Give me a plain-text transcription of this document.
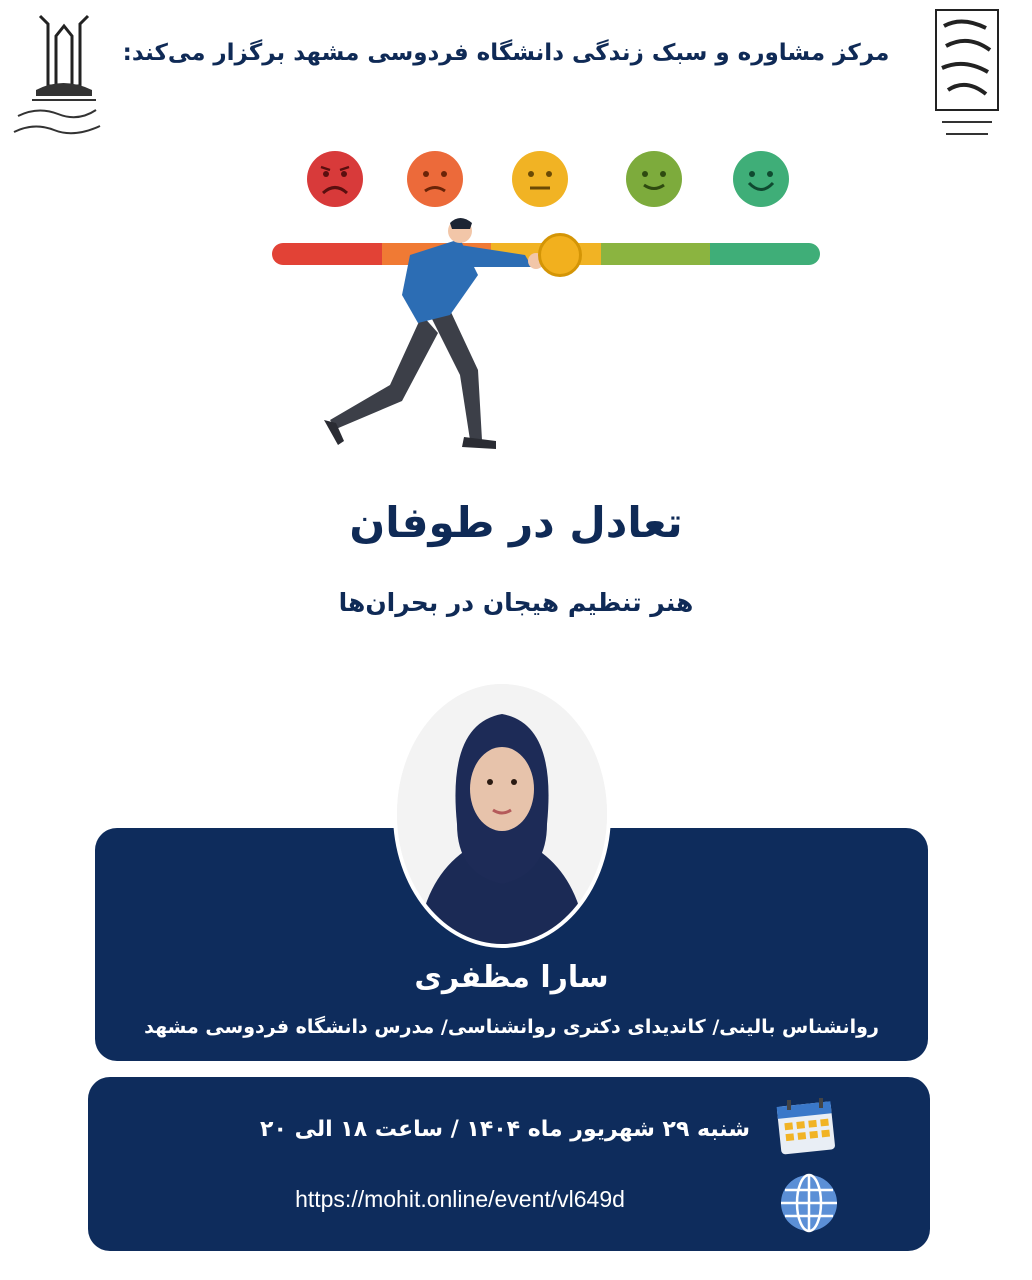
مرکز مشاوره و سبک زندگی دانشگاه فردوسی مشهد برگزار می‌کند:
تعادل در طوفان
هنر تنظیم هیجان در بحران‌ها
سارا مظفری
روانشناس بالینی/ کاندیدای دکتری روانشناسی/ مدرس دانشگاه فردوسی مشهد
شنبه ۲۹ شهریور ماه ۱۴۰۴ / ساعت ۱۸ الی ۲۰
https://mohit.online/event/vl649d
